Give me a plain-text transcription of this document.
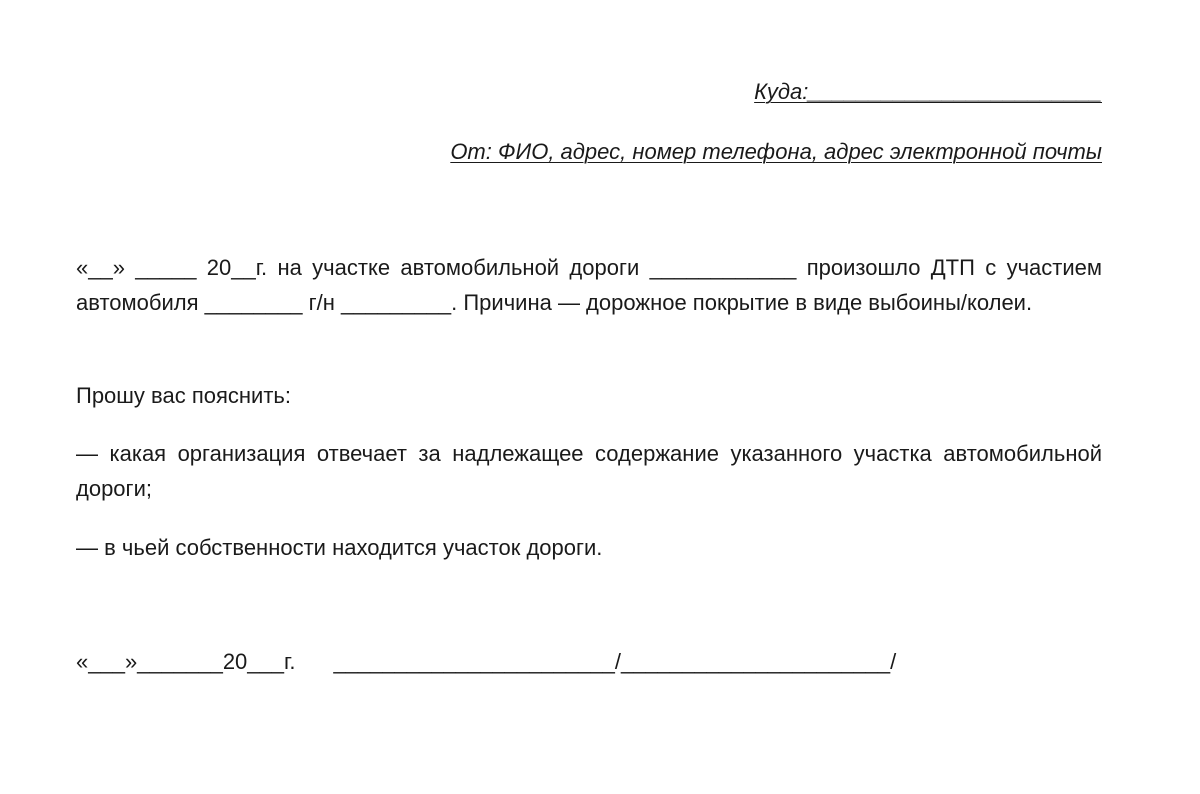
Куда:________________________
От: ФИО, адрес, номер телефона, адрес электронной почты

«__» _____ 20__г. на участке автомобильной дороги ____________ произошло ДТП с участием автомобиля ________ г/н _________. Причина — дорожное покрытие в виде выбоины/колеи.

Прошу вас пояснить:

— какая организация отвечает за надлежащее содержание указанного участка автомобильной дороги;

— в чьей собственности находится участок дороги.

«___»_______20___г. _______________________/______________________/
